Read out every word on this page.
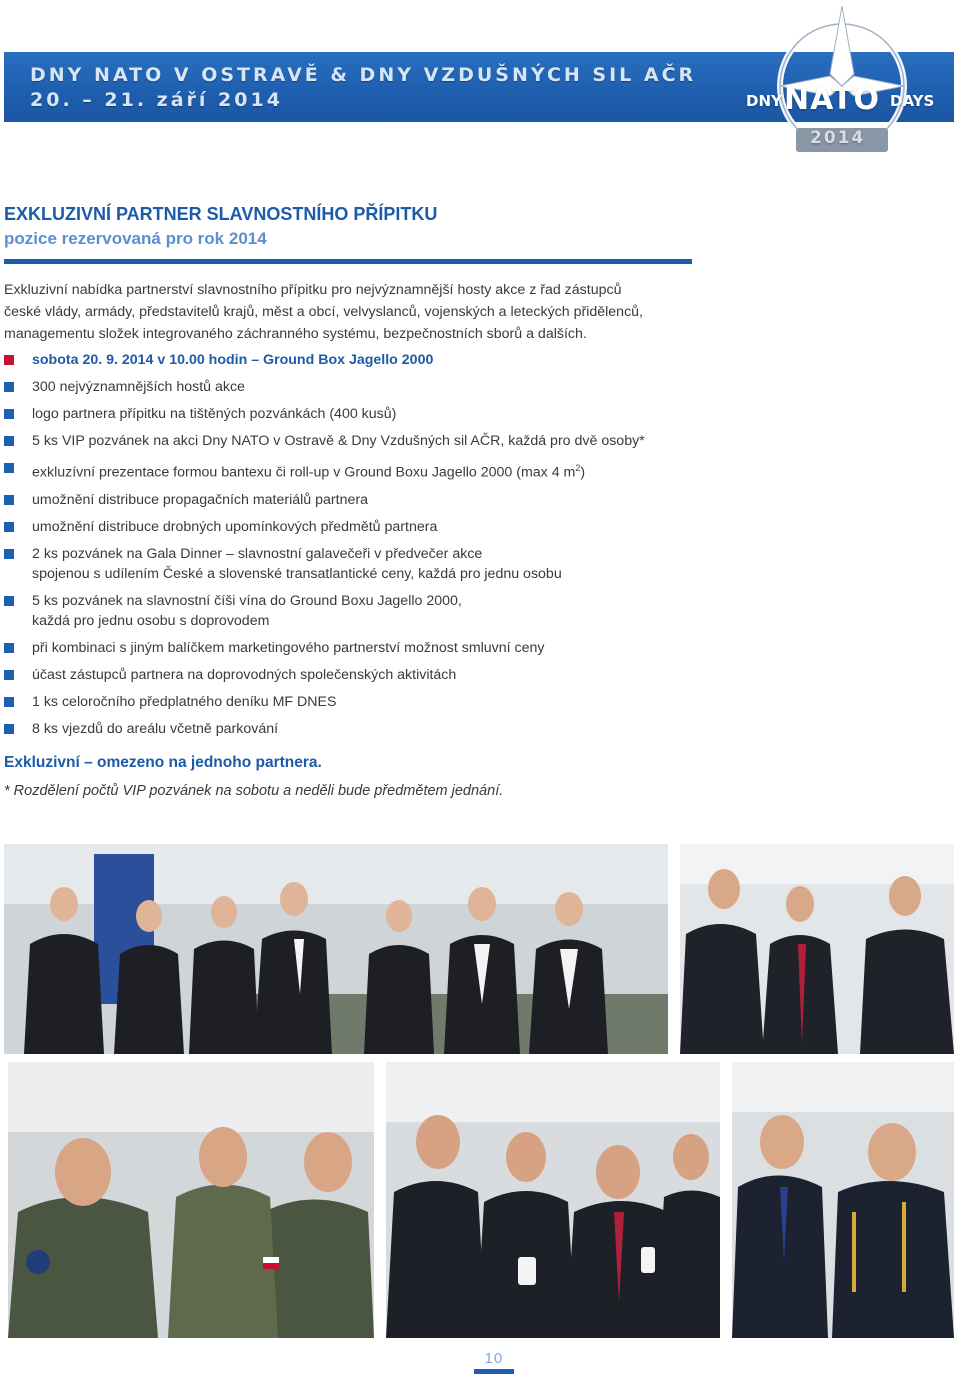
DNY NATO V OSTRAVĚ & DNY VZDUŠNÝCH SIL AČR
20. – 21. září 2014	DNY NATO DAYS
2014
EXKLUZIVNÍ PARTNER SLAVNOSTNÍHO PŘÍPITKU
pozice rezervovaná pro rok 2014
Exkluzivní nabídka partnerství slavnostního přípitku pro nejvýznamnější hosty akce z řad zástupců
české vlády, armády, představitelů krajů, měst a obcí, velvyslanců, vojenských a leteckých přidělenců,
managementu složek integrovaného záchranného systému, bezpečnostních sborů a dalších.
sobota 20. 9. 2014 v 10.00 hodin – Ground Box Jagello 2000
300 nejvýznamnějších hostů akce
logo partnera přípitku na tištěných pozvánkách (400 kusů)
5 ks VIP pozvánek na akci Dny NATO v Ostravě & Dny Vzdušných sil AČR, každá pro dvě osoby*
exkluzívní prezentace formou bantexu či roll-up v Ground Boxu Jagello 2000 (max 4 $m^2$)
umožnění distribuce propagačních materiálů partnera
umožnění distribuce drobných upomínkových předmětů partnera
2 ks pozvánek na Gala Dinner – slavnostní galavečeři v předvečer akce
spojenou s udílením České a slovenské transatlantické ceny, každá pro jednu osobu
5 ks pozvánek na slavnostní číši vína do Ground Boxu Jagello 2000,
každá pro jednu osobu s doprovodem
při kombinaci s jiným balíčkem marketingového partnerství možnost smluvní ceny
účast zástupců partnera na doprovodných společenských aktivitách
1 ks celoročního předplatného deníku MF DNES
8 ks vjezdů do areálu včetně parkování
Exkluzivní – omezeno na jednoho partnera.
* Rozdělení počtů VIP pozvánek na sobotu a neděli bude předmětem jednání.
10
